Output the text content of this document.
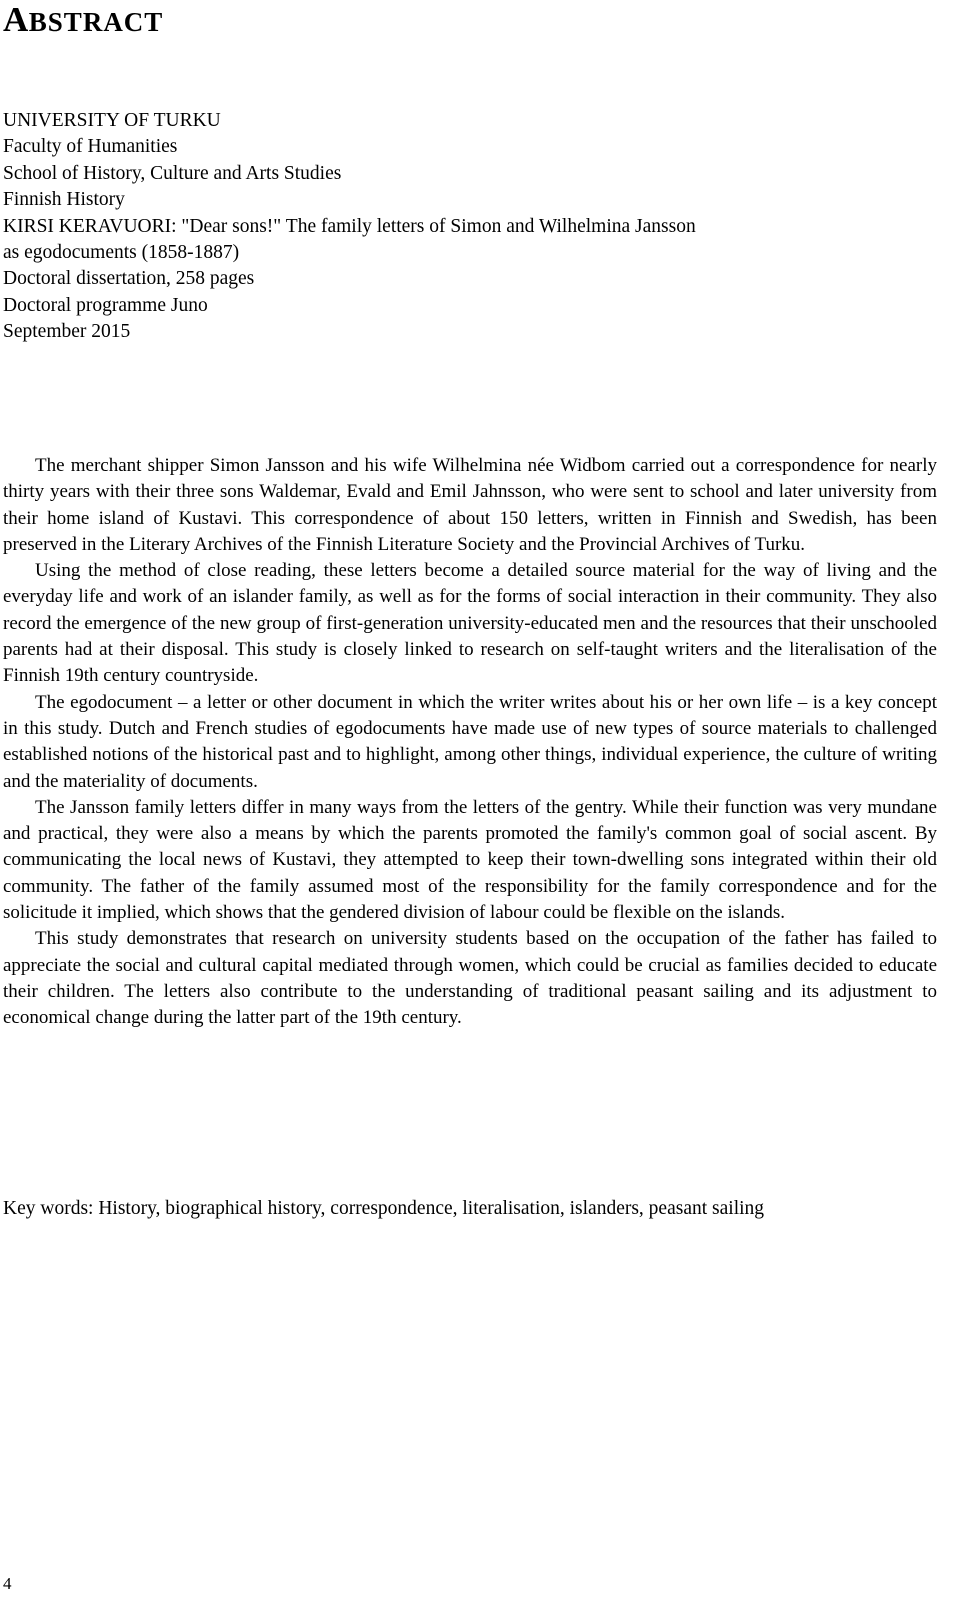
ABSTRACT
UNIVERSITY OF TURKU
Faculty of Humanities
School of History, Culture and Arts Studies
Finnish History
KIRSI KERAVUORI: "Dear sons!" The family letters of Simon and Wilhelmina Jansson
as egodocuments (1858-1887)
Doctoral dissertation, 258 pages
Doctoral programme Juno
September 2015

The merchant shipper Simon Jansson and his wife Wilhelmina née Widbom carried out a correspondence for nearly thirty years with their three sons Waldemar, Evald and Emil Jahnsson, who were sent to school and later university from their home island of Kustavi. This correspondence of about 150 letters, written in Finnish and Swedish, has been preserved in the Literary Archives of the Finnish Literature Society and the Provincial Archives of Turku.

Using the method of close reading, these letters become a detailed source material for the way of living and the everyday life and work of an islander family, as well as for the forms of social interaction in their community. They also record the emergence of the new group of first-generation university-educated men and the resources that their unschooled parents had at their disposal. This study is closely linked to research on self-taught writers and the literalisation of the Finnish 19th century countryside.

The egodocument – a letter or other document in which the writer writes about his or her own life – is a key concept in this study. Dutch and French studies of egodocuments have made use of new types of source materials to challenged established notions of the historical past and to highlight, among other things, individual experience, the culture of writing and the materiality of documents.

The Jansson family letters differ in many ways from the letters of the gentry. While their function was very mundane and practical, they were also a means by which the parents promoted the family's common goal of social ascent. By communicating the local news of Kustavi, they attempted to keep their town-dwelling sons integrated within their old community. The father of the family assumed most of the responsibility for the family correspondence and for the solicitude it implied, which shows that the gendered division of labour could be flexible on the islands.

This study demonstrates that research on university students based on the occupation of the father has failed to appreciate the social and cultural capital mediated through women, which could be crucial as families decided to educate their children. The letters also contribute to the understanding of traditional peasant sailing and its adjustment to economical change during the latter part of the 19th century.

Key words: History, biographical history, correspondence, literalisation, islanders, peasant sailing
4
